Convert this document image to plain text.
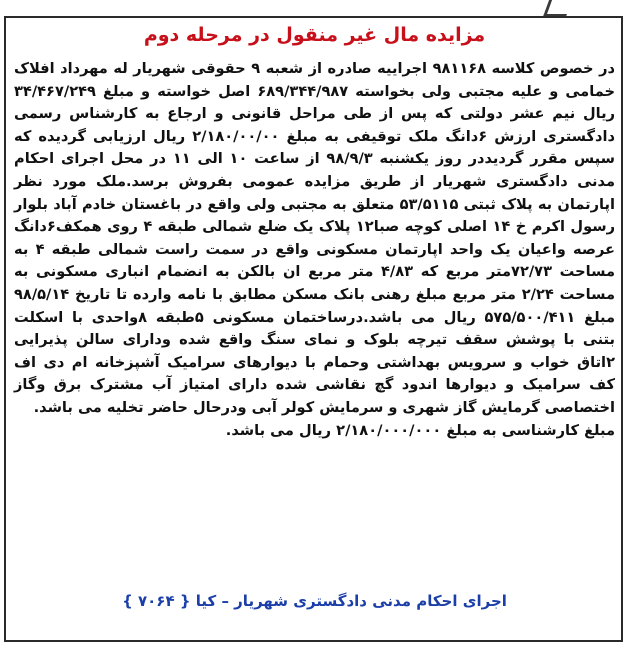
مزایده مال غیر منقول در مرحله دوم

در خصوص کلاسه ۹۸۱۱۶۸ اجراییه صادره از شعبه ۹ حقوقی شهریار له مهرداد افلاک خمامی و علیه مجتبی ولی بخواسته ۶۸۹/۳۴۴/۹۸۷ اصل خواسته و مبلغ ۳۴/۴۶۷/۲۴۹ ریال نیم عشر دولتی که پس از طی مراحل قانونی و ارجاع به کارشناس رسمی دادگستری ارزش ۶دانگ ملک توقیفی به مبلغ ۲/۱۸۰/۰۰/۰۰ ریال ارزیابی گردیده که سپس مقرر گردیددر روز یکشنبه ۹۸/۹/۳ از ساعت ۱۰ الی ۱۱ در محل اجرای احکام مدنی دادگستری شهریار از طریق مزایده عمومی بفروش برسد.ملک مورد نظر اپارتمان به پلاک ثبتی ۵۳/۵۱۱۵ متعلق به مجتبی ولی واقع در باغستان خادم آباد بلوار رسول اکرم خ ۱۴ اصلی کوچه صبا۱۲ پلاک یک ضلع شمالی طبقه ۴ روی همکف۶دانگ عرصه واعیان یک واحد اپارتمان مسکونی واقع در سمت راست شمالی طبقه ۴ به مساحت ۷۲/۷۳متر مربع که ۴/۸۳ متر مربع ان بالکن به انضمام انباری مسکونی به مساحت ۲/۲۴ متر مربع مبلغ رهنی بانک مسکن مطابق با نامه وارده تا تاریخ ۹۸/۵/۱۴ مبلغ ۵۷۵/۵۰۰/۴۱۱ ریال می باشد.درساختمان مسکونی ۵طبقه ۸واحدی با اسکلت بتنی با پوشش سقف تیرچه بلوک و نمای سنگ واقع شده ودارای سالن پذیرایی ۲اتاق خواب و سرویس بهداشتی وحمام با دیوارهای سرامیک آشپزخانه ام دی اف کف سرامیک و دیوارها اندود گچ نقاشی شده دارای امتیاز آب مشترک برق وگاز اختصاصی گرمایش گاز شهری و سرمایش کولر آبی ودرحال حاضر تخلیه می باشد.

مبلغ کارشناسی به مبلغ ۲/۱۸۰/۰۰۰/۰۰۰ ریال می باشد.

اجرای احکام مدنی دادگستری شهریار – کیا { ۷۰۶۴ }
